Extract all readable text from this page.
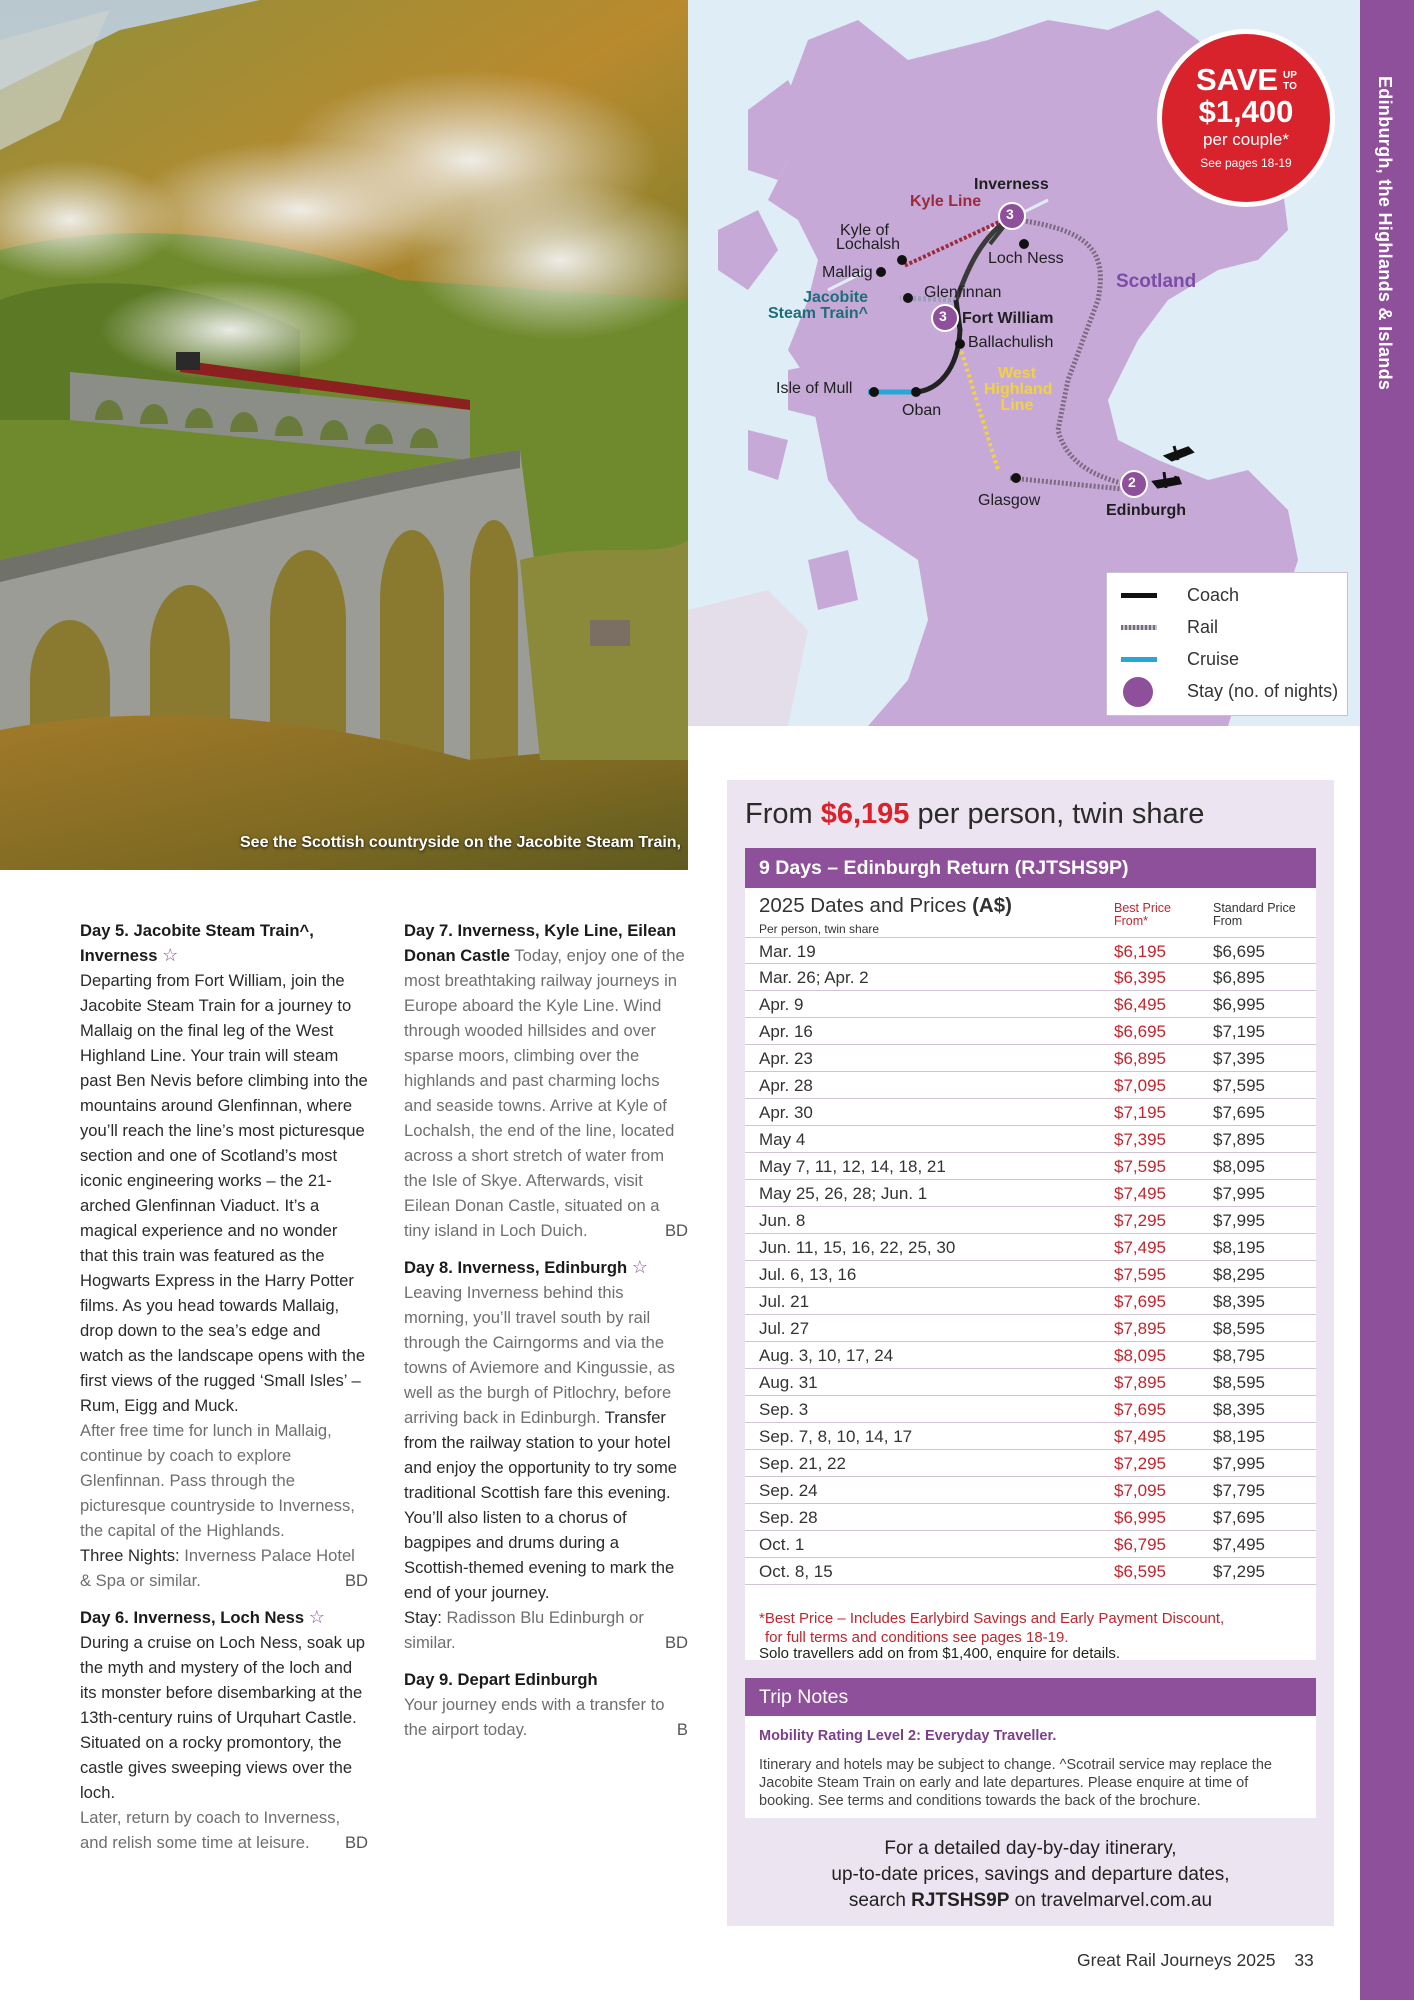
See the Scottish countryside on the Jacobite Steam Train,
Inverness
Kyle Line
Kyle of
Lochalsh
Mallaig
Loch Ness
Scotland
Jacobite
Steam Train^
Glenfinnan
Fort William
Ballachulish
Isle of Mull
Oban
West
Highland
Line
Glasgow
Edinburgh
3
3
2
SAVE UP TO
$1,400
per couple*
See pages 18-19
Coach
Rail
Cruise
Stay (no. of nights)
Edinburgh, the Highlands & Islands
Day 5. Jacobite Steam Train^, Inverness ☆
Departing from Fort William, join the Jacobite Steam Train for a journey to Mallaig on the final leg of the West Highland Line. Your train will steam past Ben Nevis before climbing into the mountains around Glenfinnan, where you’ll reach the line’s most picturesque section and one of Scotland’s most iconic engineering works – the 21-arched Glenfinnan Viaduct. It’s a magical experience and no wonder that this train was featured as the Hogwarts Express in the Harry Potter films. As you head towards Mallaig, drop down to the sea’s edge and watch as the landscape opens with the first views of the rugged ‘Small Isles’ – Rum, Eigg and Muck.
After free time for lunch in Mallaig, continue by coach to explore Glenfinnan. Pass through the picturesque countryside to Inverness, the capital of the Highlands.
Three Nights: Inverness Palace Hotel & Spa or similar.	BD
Day 6. Inverness, Loch Ness ☆
During a cruise on Loch Ness, soak up the myth and mystery of the loch and its monster before disembarking at the 13th-century ruins of Urquhart Castle. Situated on a rocky promontory, the castle gives sweeping views over the loch.
Later, return by coach to Inverness, and relish some time at leisure. BD
Day 7. Inverness, Kyle Line, Eilean Donan Castle Today, enjoy one of the most breathtaking railway journeys in Europe aboard the Kyle Line. Wind through wooded hillsides and over sparse moors, climbing over the highlands and past charming lochs and seaside towns. Arrive at Kyle of Lochalsh, the end of the line, located across a short stretch of water from the Isle of Skye. Afterwards, visit Eilean Donan Castle, situated on a tiny island in Loch Duich.	BD
Day 8. Inverness, Edinburgh ☆ Leaving Inverness behind this morning, you’ll travel south by rail through the Cairngorms and via the towns of Aviemore and Kingussie, as well as the burgh of Pitlochry, before arriving back in Edinburgh. Transfer from the railway station to your hotel and enjoy the opportunity to try some traditional Scottish fare this evening. You’ll also listen to a chorus of bagpipes and drums during a Scottish-themed evening to mark the end of your journey.
Stay: Radisson Blu Edinburgh or similar.	BD
Day 9. Depart Edinburgh
Your journey ends with a transfer to the airport today.	B
From $6,195 per person, twin share
9 Days – Edinburgh Return (RJTSHS9P)
2025 Dates and Prices (A$)
Per person, twin share
Best Price
From*
Standard Price
From
Mar. 19	$6,195	$6,695
Mar. 26; Apr. 2	$6,395	$6,895
Apr. 9	$6,495	$6,995
Apr. 16	$6,695	$7,195
Apr. 23	$6,895	$7,395
Apr. 28	$7,095	$7,595
Apr. 30	$7,195	$7,695
May 4	$7,395	$7,895
May 7, 11, 12, 14, 18, 21	$7,595	$8,095
May 25, 26, 28; Jun. 1	$7,495	$7,995
Jun. 8	$7,295	$7,995
Jun. 11, 15, 16, 22, 25, 30	$7,495	$8,195
Jul. 6, 13, 16	$7,595	$8,295
Jul. 21	$7,695	$8,395
Jul. 27	$7,895	$8,595
Aug. 3, 10, 17, 24	$8,095	$8,795
Aug. 31	$7,895	$8,595
Sep. 3	$7,695	$8,395
Sep. 7, 8, 10, 14, 17	$7,495	$8,195
Sep. 21, 22	$7,295	$7,995
Sep. 24	$7,095	$7,795
Sep. 28	$6,995	$7,695
Oct. 1	$6,795	$7,495
Oct. 8, 15	$6,595	$7,295
*Best Price – Includes Earlybird Savings and Early Payment Discount,
for full terms and conditions see pages 18-19.
Solo travellers add on from $1,400, enquire for details.
Trip Notes
Mobility Rating Level 2: Everyday Traveller.
Itinerary and hotels may be subject to change. ^Scotrail service may replace the Jacobite Steam Train on early and late departures. Please enquire at time of booking. See terms and conditions towards the back of the brochure.
For a detailed day-by-day itinerary,
up-to-date prices, savings and departure dates,
search RJTSHS9P on travelmarvel.com.au
Great Rail Journeys 2025 33
